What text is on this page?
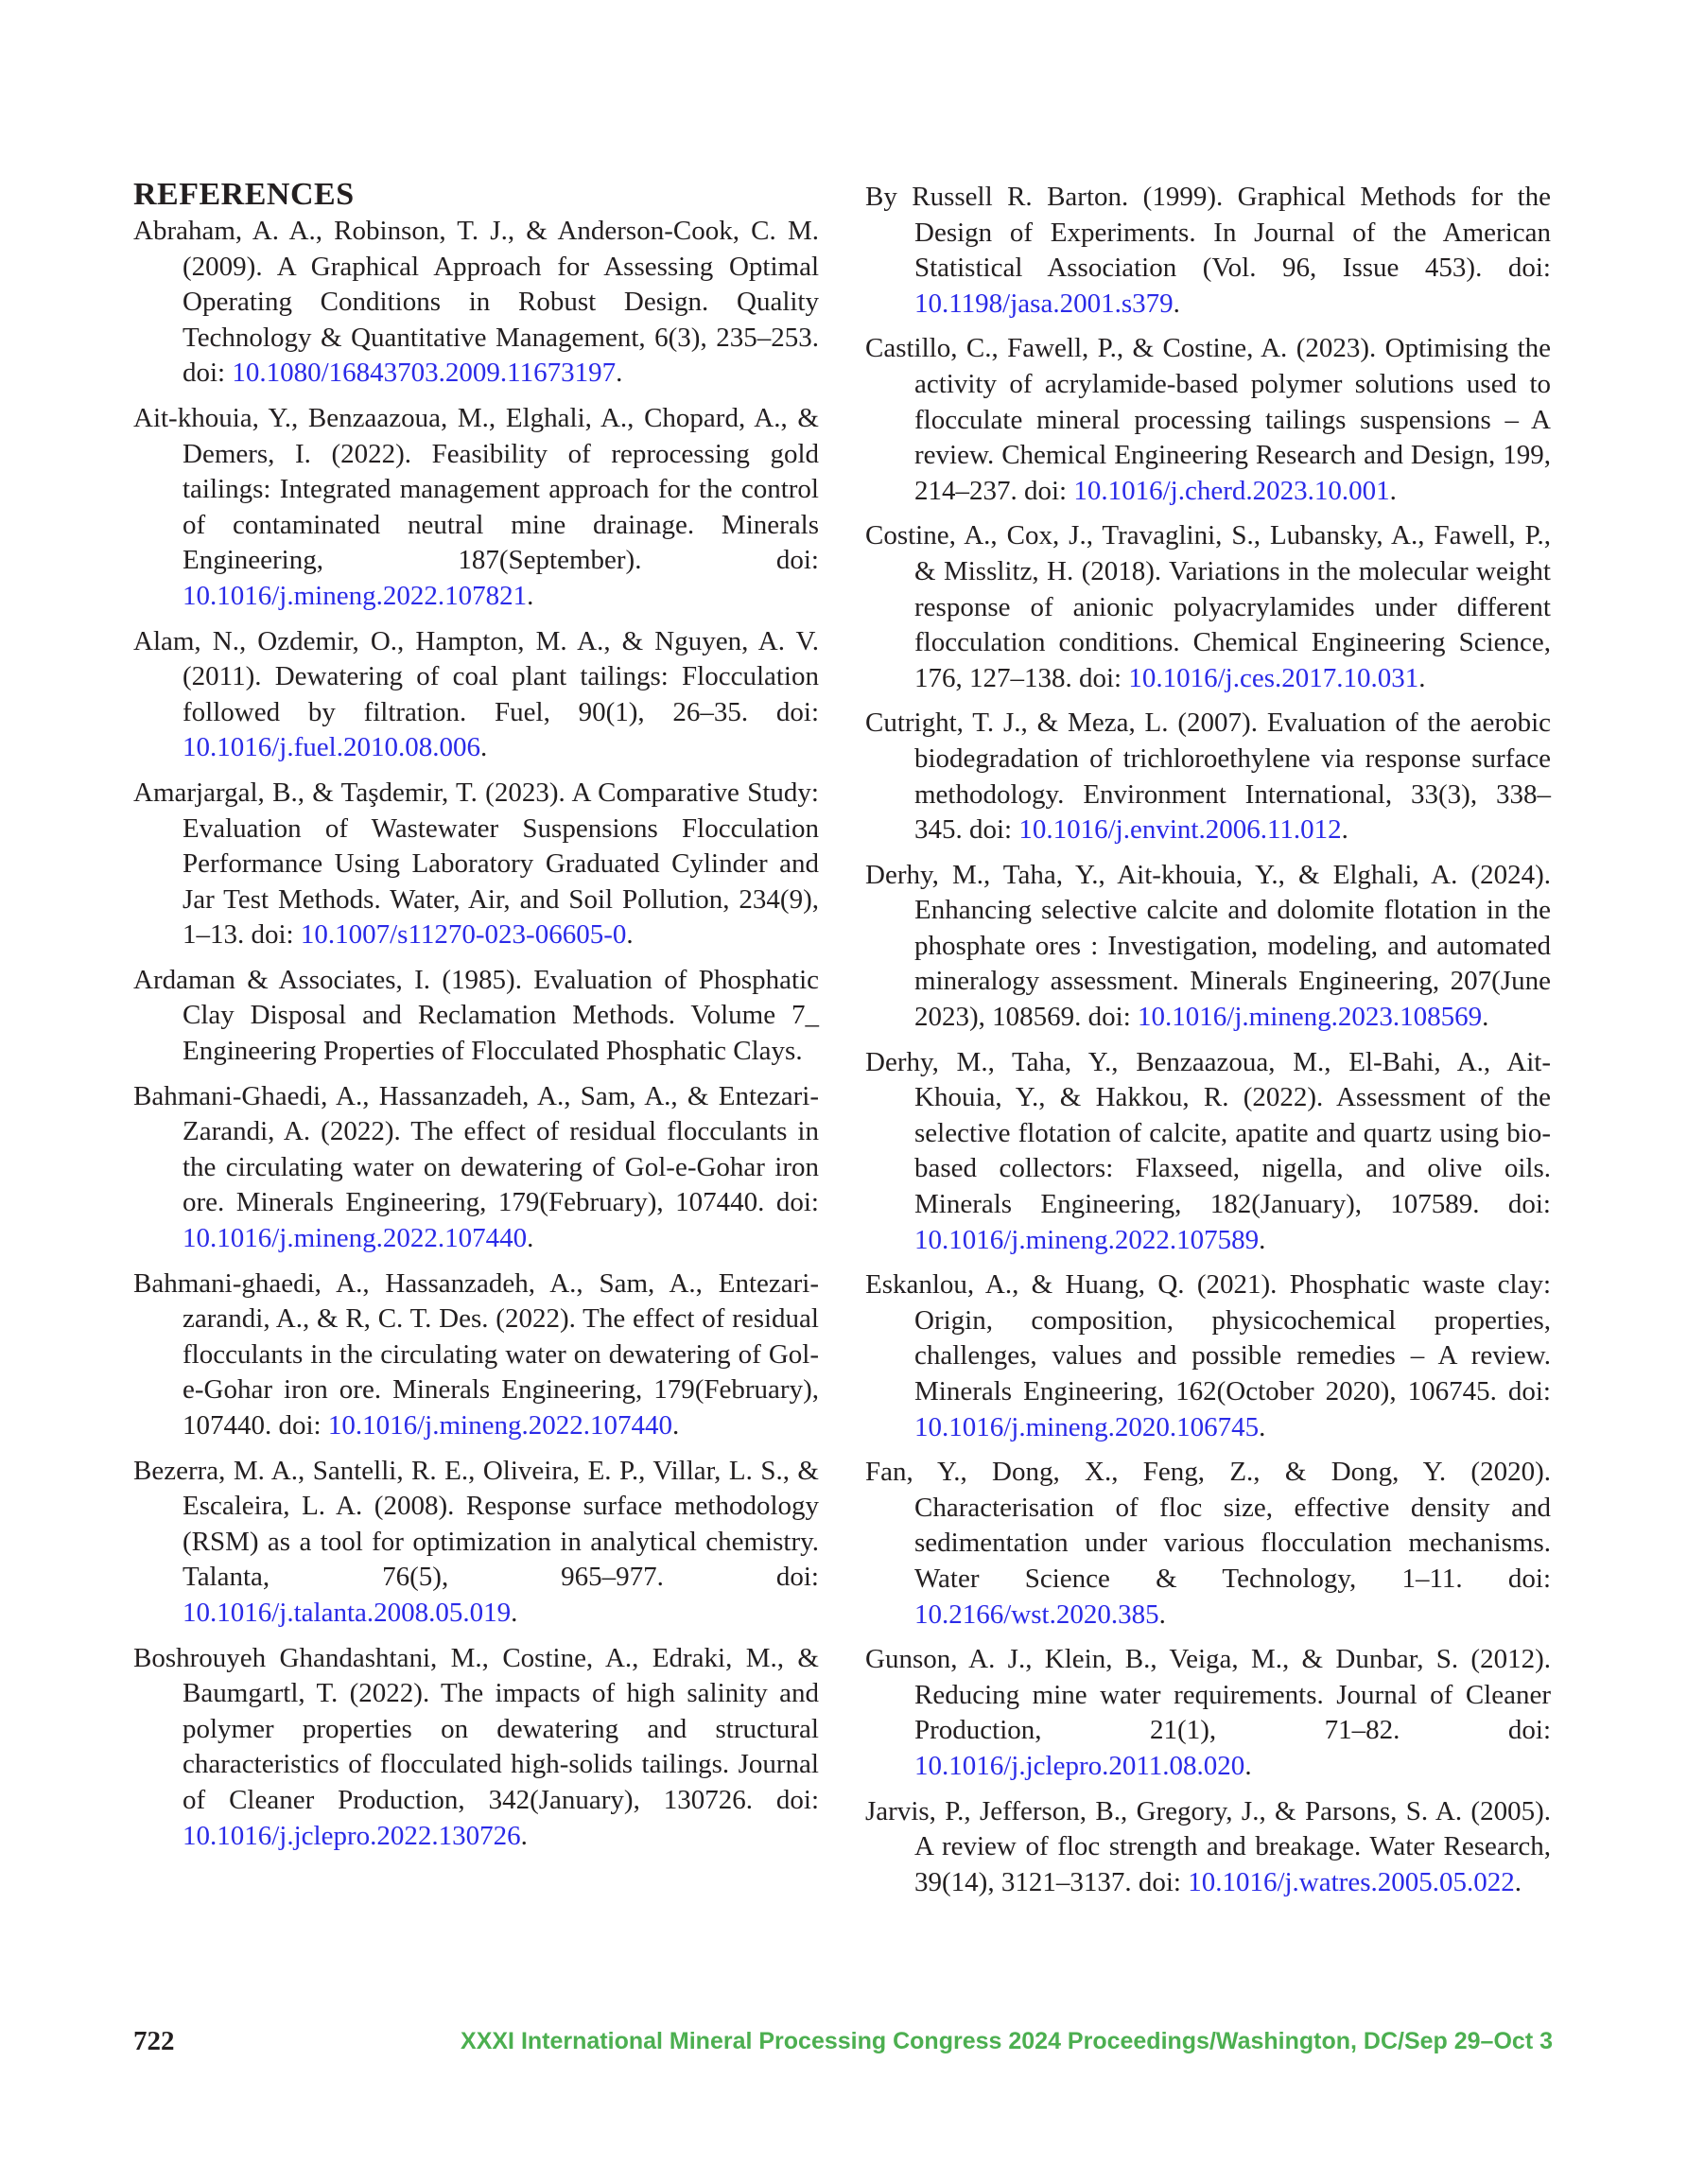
REFERENCES
Abraham, A. A., Robinson, T. J., & Anderson-Cook, C. M. (2009). A Graphical Approach for Assessing Optimal Operating Conditions in Robust Design. Quality Technology & Quantitative Management, 6(3), 235–253. doi: 10.1080/16843703.2009.11673197.
Ait-khouia, Y., Benzaazoua, M., Elghali, A., Chopard, A., & Demers, I. (2022). Feasibility of reprocessing gold tailings: Integrated management approach for the control of contaminated neutral mine drainage. Minerals Engineering, 187(September). doi: 10.1016/j.mineng.2022.107821.
Alam, N., Ozdemir, O., Hampton, M. A., & Nguyen, A. V. (2011). Dewatering of coal plant tailings: Flocculation followed by filtration. Fuel, 90(1), 26–35. doi: 10.1016/j.fuel.2010.08.006.
Amarjargal, B., & Taşdemir, T. (2023). A Comparative Study: Evaluation of Wastewater Suspensions Flocculation Performance Using Laboratory Graduated Cylinder and Jar Test Methods. Water, Air, and Soil Pollution, 234(9), 1–13. doi: 10.1007/s11270-023-06605-0.
Ardaman & Associates, I. (1985). Evaluation of Phosphatic Clay Disposal and Reclamation Methods. Volume 7_ Engineering Properties of Flocculated Phosphatic Clays.
Bahmani-Ghaedi, A., Hassanzadeh, A., Sam, A., & Entezari-Zarandi, A. (2022). The effect of residual flocculants in the circulating water on dewatering of Gol-e-Gohar iron ore. Minerals Engineering, 179(February), 107440. doi: 10.1016/j.mineng.2022.107440.
Bahmani-ghaedi, A., Hassanzadeh, A., Sam, A., Entezari-zarandi, A., & R, C. T. Des. (2022). The effect of residual flocculants in the circulating water on dewatering of Gol-e-Gohar iron ore. Minerals Engineering, 179(February), 107440. doi: 10.1016/j.mineng.2022.107440.
Bezerra, M. A., Santelli, R. E., Oliveira, E. P., Villar, L. S., & Escaleira, L. A. (2008). Response surface methodology (RSM) as a tool for optimization in analytical chemistry. Talanta, 76(5), 965–977. doi: 10.1016/j.talanta.2008.05.019.
Boshrouyeh Ghandashtani, M., Costine, A., Edraki, M., & Baumgartl, T. (2022). The impacts of high salinity and polymer properties on dewatering and structural characteristics of flocculated high-solids tailings. Journal of Cleaner Production, 342(January), 130726. doi: 10.1016/j.jclepro.2022.130726.
By Russell R. Barton. (1999). Graphical Methods for the Design of Experiments. In Journal of the American Statistical Association (Vol. 96, Issue 453). doi: 10.1198/jasa.2001.s379.
Castillo, C., Fawell, P., & Costine, A. (2023). Optimising the activity of acrylamide-based polymer solutions used to flocculate mineral processing tailings suspensions – A review. Chemical Engineering Research and Design, 199, 214–237. doi: 10.1016/j.cherd.2023.10.001.
Costine, A., Cox, J., Travaglini, S., Lubansky, A., Fawell, P., & Misslitz, H. (2018). Variations in the molecular weight response of anionic polyacrylamides under different flocculation conditions. Chemical Engineering Science, 176, 127–138. doi: 10.1016/j.ces.2017.10.031.
Cutright, T. J., & Meza, L. (2007). Evaluation of the aerobic biodegradation of trichloroethylene via response surface methodology. Environment International, 33(3), 338–345. doi: 10.1016/j.envint.2006.11.012.
Derhy, M., Taha, Y., Ait-khouia, Y., & Elghali, A. (2024). Enhancing selective calcite and dolomite flotation in the phosphate ores : Investigation, modeling, and automated mineralogy assessment. Minerals Engineering, 207(June 2023), 108569. doi: 10.1016/j.mineng.2023.108569.
Derhy, M., Taha, Y., Benzaazoua, M., El-Bahi, A., Ait-Khouia, Y., & Hakkou, R. (2022). Assessment of the selective flotation of calcite, apatite and quartz using bio-based collectors: Flaxseed, nigella, and olive oils. Minerals Engineering, 182(January), 107589. doi: 10.1016/j.mineng.2022.107589.
Eskanlou, A., & Huang, Q. (2021). Phosphatic waste clay: Origin, composition, physicochemical properties, challenges, values and possible remedies – A review. Minerals Engineering, 162(October 2020), 106745. doi: 10.1016/j.mineng.2020.106745.
Fan, Y., Dong, X., Feng, Z., & Dong, Y. (2020). Characterisation of floc size, effective density and sedimentation under various flocculation mechanisms. Water Science & Technology, 1–11. doi: 10.2166/wst.2020.385.
Gunson, A. J., Klein, B., Veiga, M., & Dunbar, S. (2012). Reducing mine water requirements. Journal of Cleaner Production, 21(1), 71–82. doi: 10.1016/j.jclepro.2011.08.020.
Jarvis, P., Jefferson, B., Gregory, J., & Parsons, S. A. (2005). A review of floc strength and breakage. Water Research, 39(14), 3121–3137. doi: 10.1016/j.watres.2005.05.022.
722	XXXI International Mineral Processing Congress 2024 Proceedings/Washington, DC/Sep 29–Oct 3
